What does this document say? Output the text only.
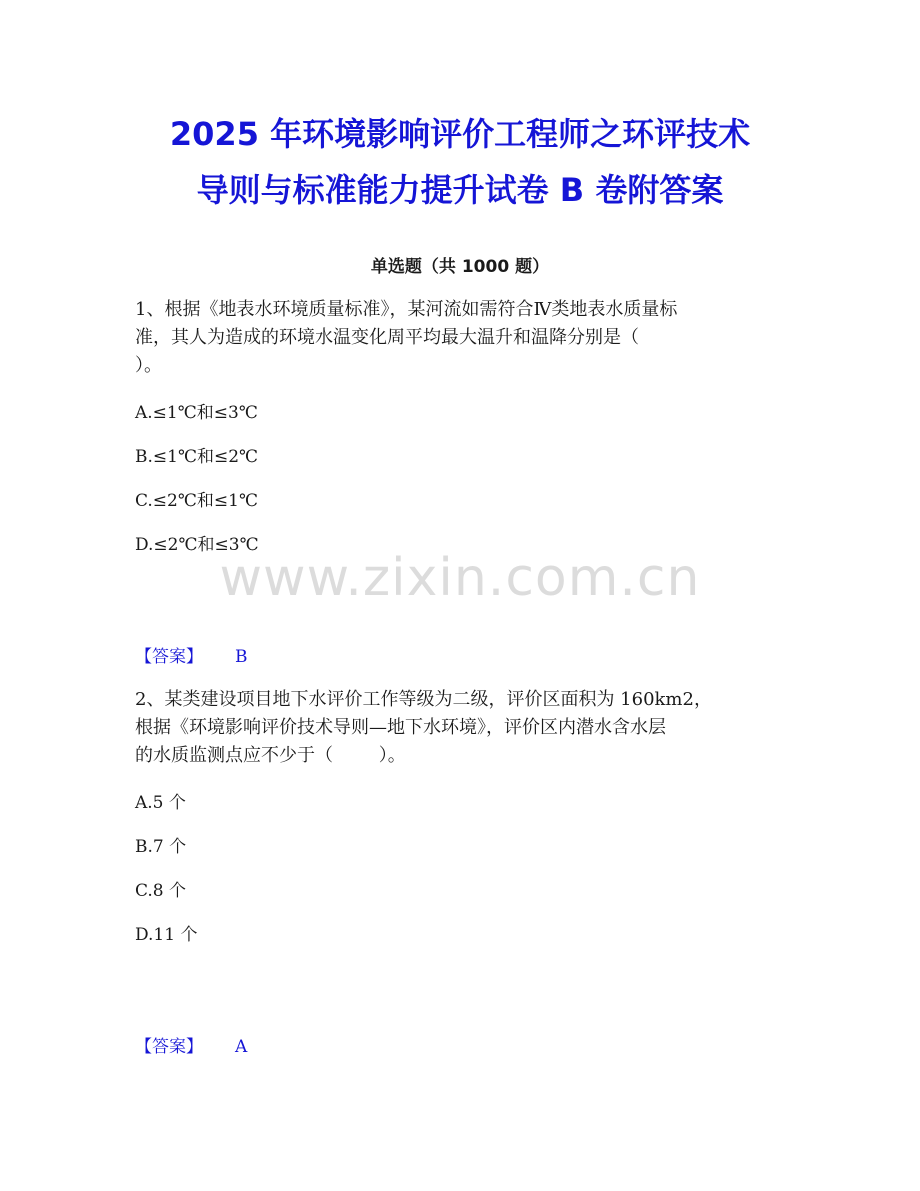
2025 年环境影响评价工程师之环评技术
导则与标准能力提升试卷 B 卷附答案
单选题（共 1000 题）
1、根据《地表水环境质量标准》，某河流如需符合Ⅳ类地表水质量标
准，其人为造成的环境水温变化周平均最大温升和温降分别是（
）。
A.≤1℃和≤3℃
B.≤1℃和≤2℃
C.≤2℃和≤1℃
D.≤2℃和≤3℃
www.zixin.com.cn
【答案】 B
2、某类建设项目地下水评价工作等级为二级，评价区面积为 160km2，
根据《环境影响评价技术导则—地下水环境》，评价区内潜水含水层
的水质监测点应不少于（        ）。
A.5 个
B.7 个
C.8 个
D.11 个
【答案】 A
